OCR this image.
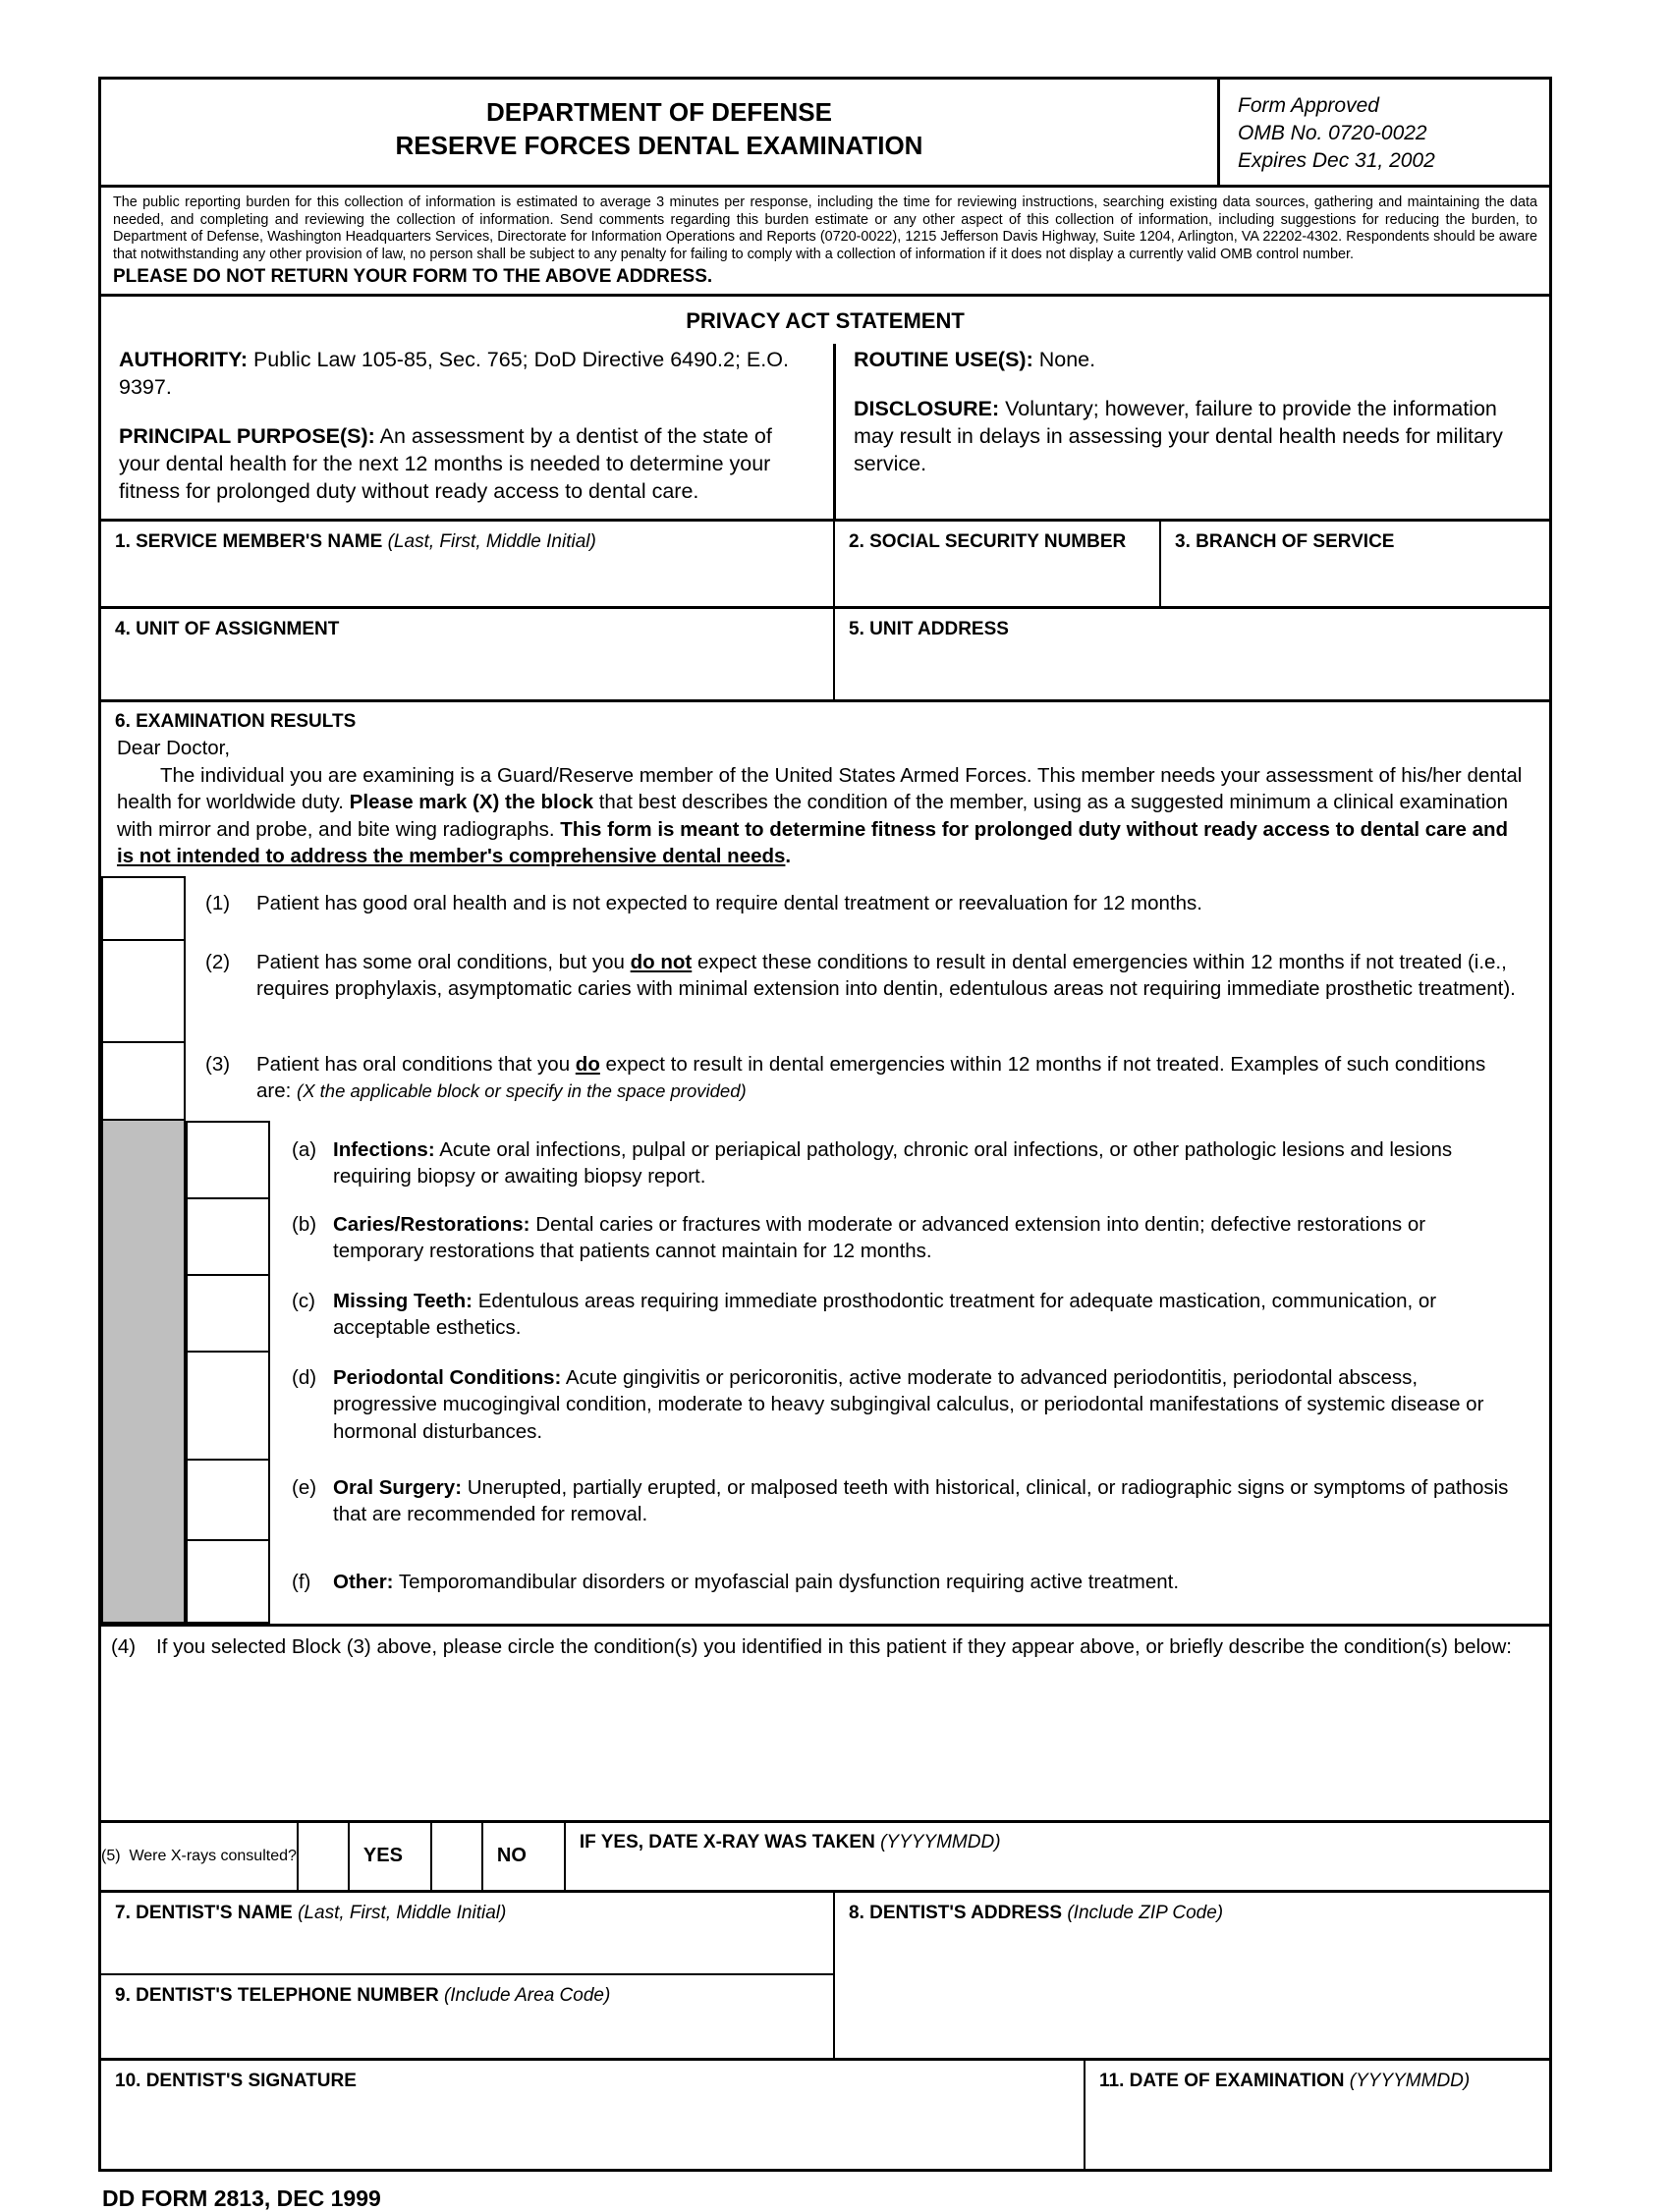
DEPARTMENT OF DEFENSE
RESERVE FORCES DENTAL EXAMINATION
Form Approved
OMB No. 0720-0022
Expires Dec 31, 2002

The public reporting burden for this collection of information is estimated to average 3 minutes per response, including the time for reviewing instructions, searching existing data sources, gathering and maintaining the data needed, and completing and reviewing the collection of information. Send comments regarding this burden estimate or any other aspect of this collection of information, including suggestions for reducing the burden, to Department of Defense, Washington Headquarters Services, Directorate for Information Operations and Reports (0720-0022), 1215 Jefferson Davis Highway, Suite 1204, Arlington, VA 22202-4302. Respondents should be aware that notwithstanding any other provision of law, no person shall be subject to any penalty for failing to comply with a collection of information if it does not display a currently valid OMB control number.

PLEASE DO NOT RETURN YOUR FORM TO THE ABOVE ADDRESS.

PRIVACY ACT STATEMENT

AUTHORITY: Public Law 105-85, Sec. 765; DoD Directive 6490.2; E.O. 9397.

PRINCIPAL PURPOSE(S): An assessment by a dentist of the state of your dental health for the next 12 months is needed to determine your fitness for prolonged duty without ready access to dental care.

ROUTINE USE(S): None.

DISCLOSURE: Voluntary; however, failure to provide the information may result in delays in assessing your dental health needs for military service.

1. SERVICE MEMBER'S NAME (Last, First, Middle Initial)	2. SOCIAL SECURITY NUMBER	3. BRANCH OF SERVICE
4. UNIT OF ASSIGNMENT	5. UNIT ADDRESS
6. EXAMINATION RESULTS

Dear Doctor,

The individual you are examining is a Guard/Reserve member of the United States Armed Forces. This member needs your assessment of his/her dental health for worldwide duty. Please mark (X) the block that best describes the condition of the member, using as a suggested minimum a clinical examination with mirror and probe, and bite wing radiographs. This form is meant to determine fitness for prolonged duty without ready access to dental care and is not intended to address the member's comprehensive dental needs.

(1)	Patient has good oral health and is not expected to require dental treatment or reevaluation for 12 months.
(2)	Patient has some oral conditions, but you do not expect these conditions to result in dental emergencies within 12 months if not treated (i.e., requires prophylaxis, asymptomatic caries with minimal extension into dentin, edentulous areas not requiring immediate prosthetic treatment).
(3)	Patient has oral conditions that you do expect to result in dental emergencies within 12 months if not treated. Examples of such conditions are: (X the applicable block or specify in the space provided)
(a) Infections: Acute oral infections, pulpal or periapical pathology, chronic oral infections, or other pathologic lesions and lesions requiring biopsy or awaiting biopsy report.
(b) Caries/Restorations: Dental caries or fractures with moderate or advanced extension into dentin; defective restorations or temporary restorations that patients cannot maintain for 12 months.
(c) Missing Teeth: Edentulous areas requiring immediate prosthodontic treatment for adequate mastication, communication, or acceptable esthetics.
(d) Periodontal Conditions: Acute gingivitis or pericoronitis, active moderate to advanced periodontitis, periodontal abscess, progressive mucogingival condition, moderate to heavy subgingival calculus, or periodontal manifestations of systemic disease or hormonal disturbances.
(e) Oral Surgery: Unerupted, partially erupted, or malposed teeth with historical, clinical, or radiographic signs or symptoms of pathosis that are recommended for removal.
(f)	Other: Temporomandibular disorders or myofascial pain dysfunction requiring active treatment.
(4)	If you selected Block (3) above, please circle the condition(s) you identified in this patient if they appear above, or briefly describe the condition(s) below:
(5)
Were X-rays consulted?	YES	NO
IF YES, DATE X-RAY WAS TAKEN (YYYYMMDD)
7. DENTIST'S NAME (Last, First, Middle Initial)
9. DENTIST'S TELEPHONE NUMBER (Include Area Code)
8. DENTIST'S ADDRESS (Include ZIP Code)
10. DENTIST'S SIGNATURE	11. DATE OF EXAMINATION (YYYYMMDD)
DD FORM 2813, DEC 1999
